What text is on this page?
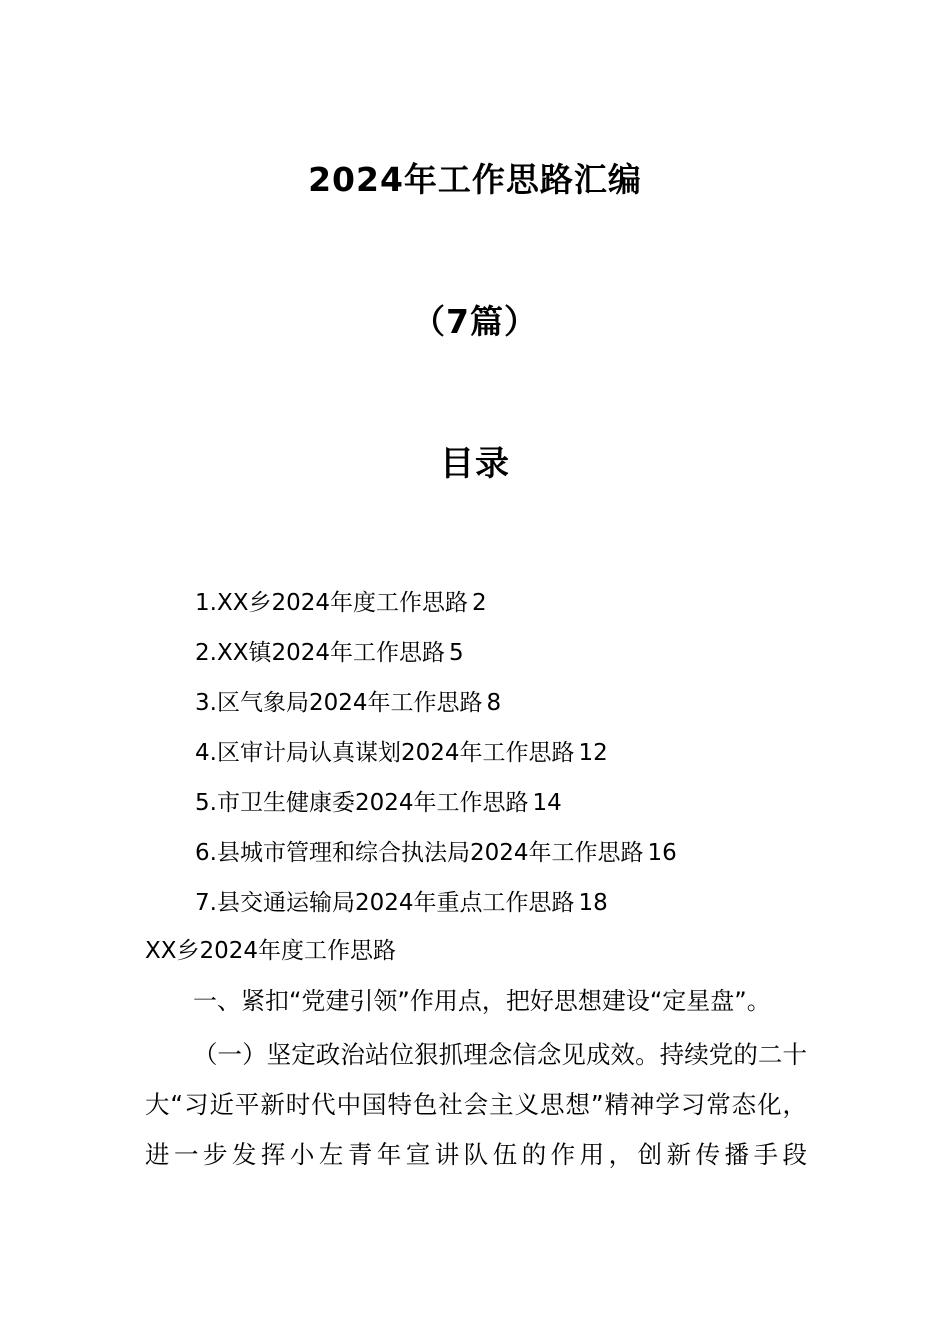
2024年工作思路汇编
（7篇）
目录
1.XX乡2024年度工作思路 2
2.XX镇2024年工作思路 5
3.区气象局2024年工作思路 8
4.区审计局认真谋划2024年工作思路 12
5.市卫生健康委2024年工作思路 14
6.县城市管理和综合执法局2024年工作思路 16
7.县交通运输局2024年重点工作思路 18
XX乡2024年度工作思路
一、紧扣“党建引领”作用点，把好思想建设“定星盘”。
（一）坚定政治站位狠抓理念信念见成效。持续党的二十大“习近平新时代中国特色社会主义思想”精神学习常态化，进一步发挥小左青年宣讲队伍的作用，创新传播手段
